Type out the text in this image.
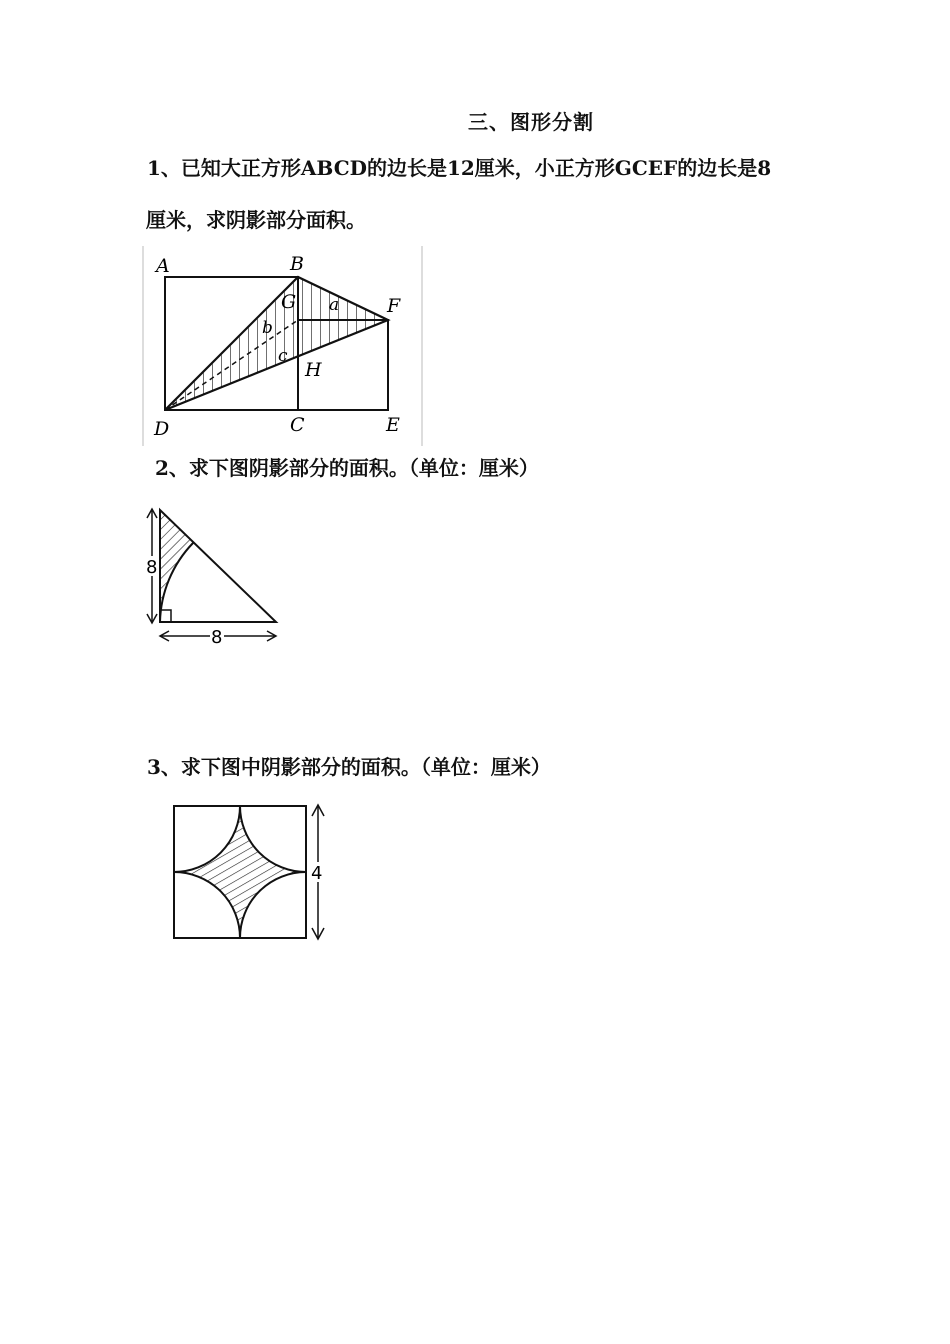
三、图形分割
1、已知大正方形ABCD的边长是12厘米，小正方形GCEF的边长是8
厘米，求阴影部分面积。
A	B
G	F
a
b
c
H
D	C	E
2、求下图阴影部分的面积。（单位：厘米）
8
8
3、求下图中阴影部分的面积。（单位：厘米）
4
